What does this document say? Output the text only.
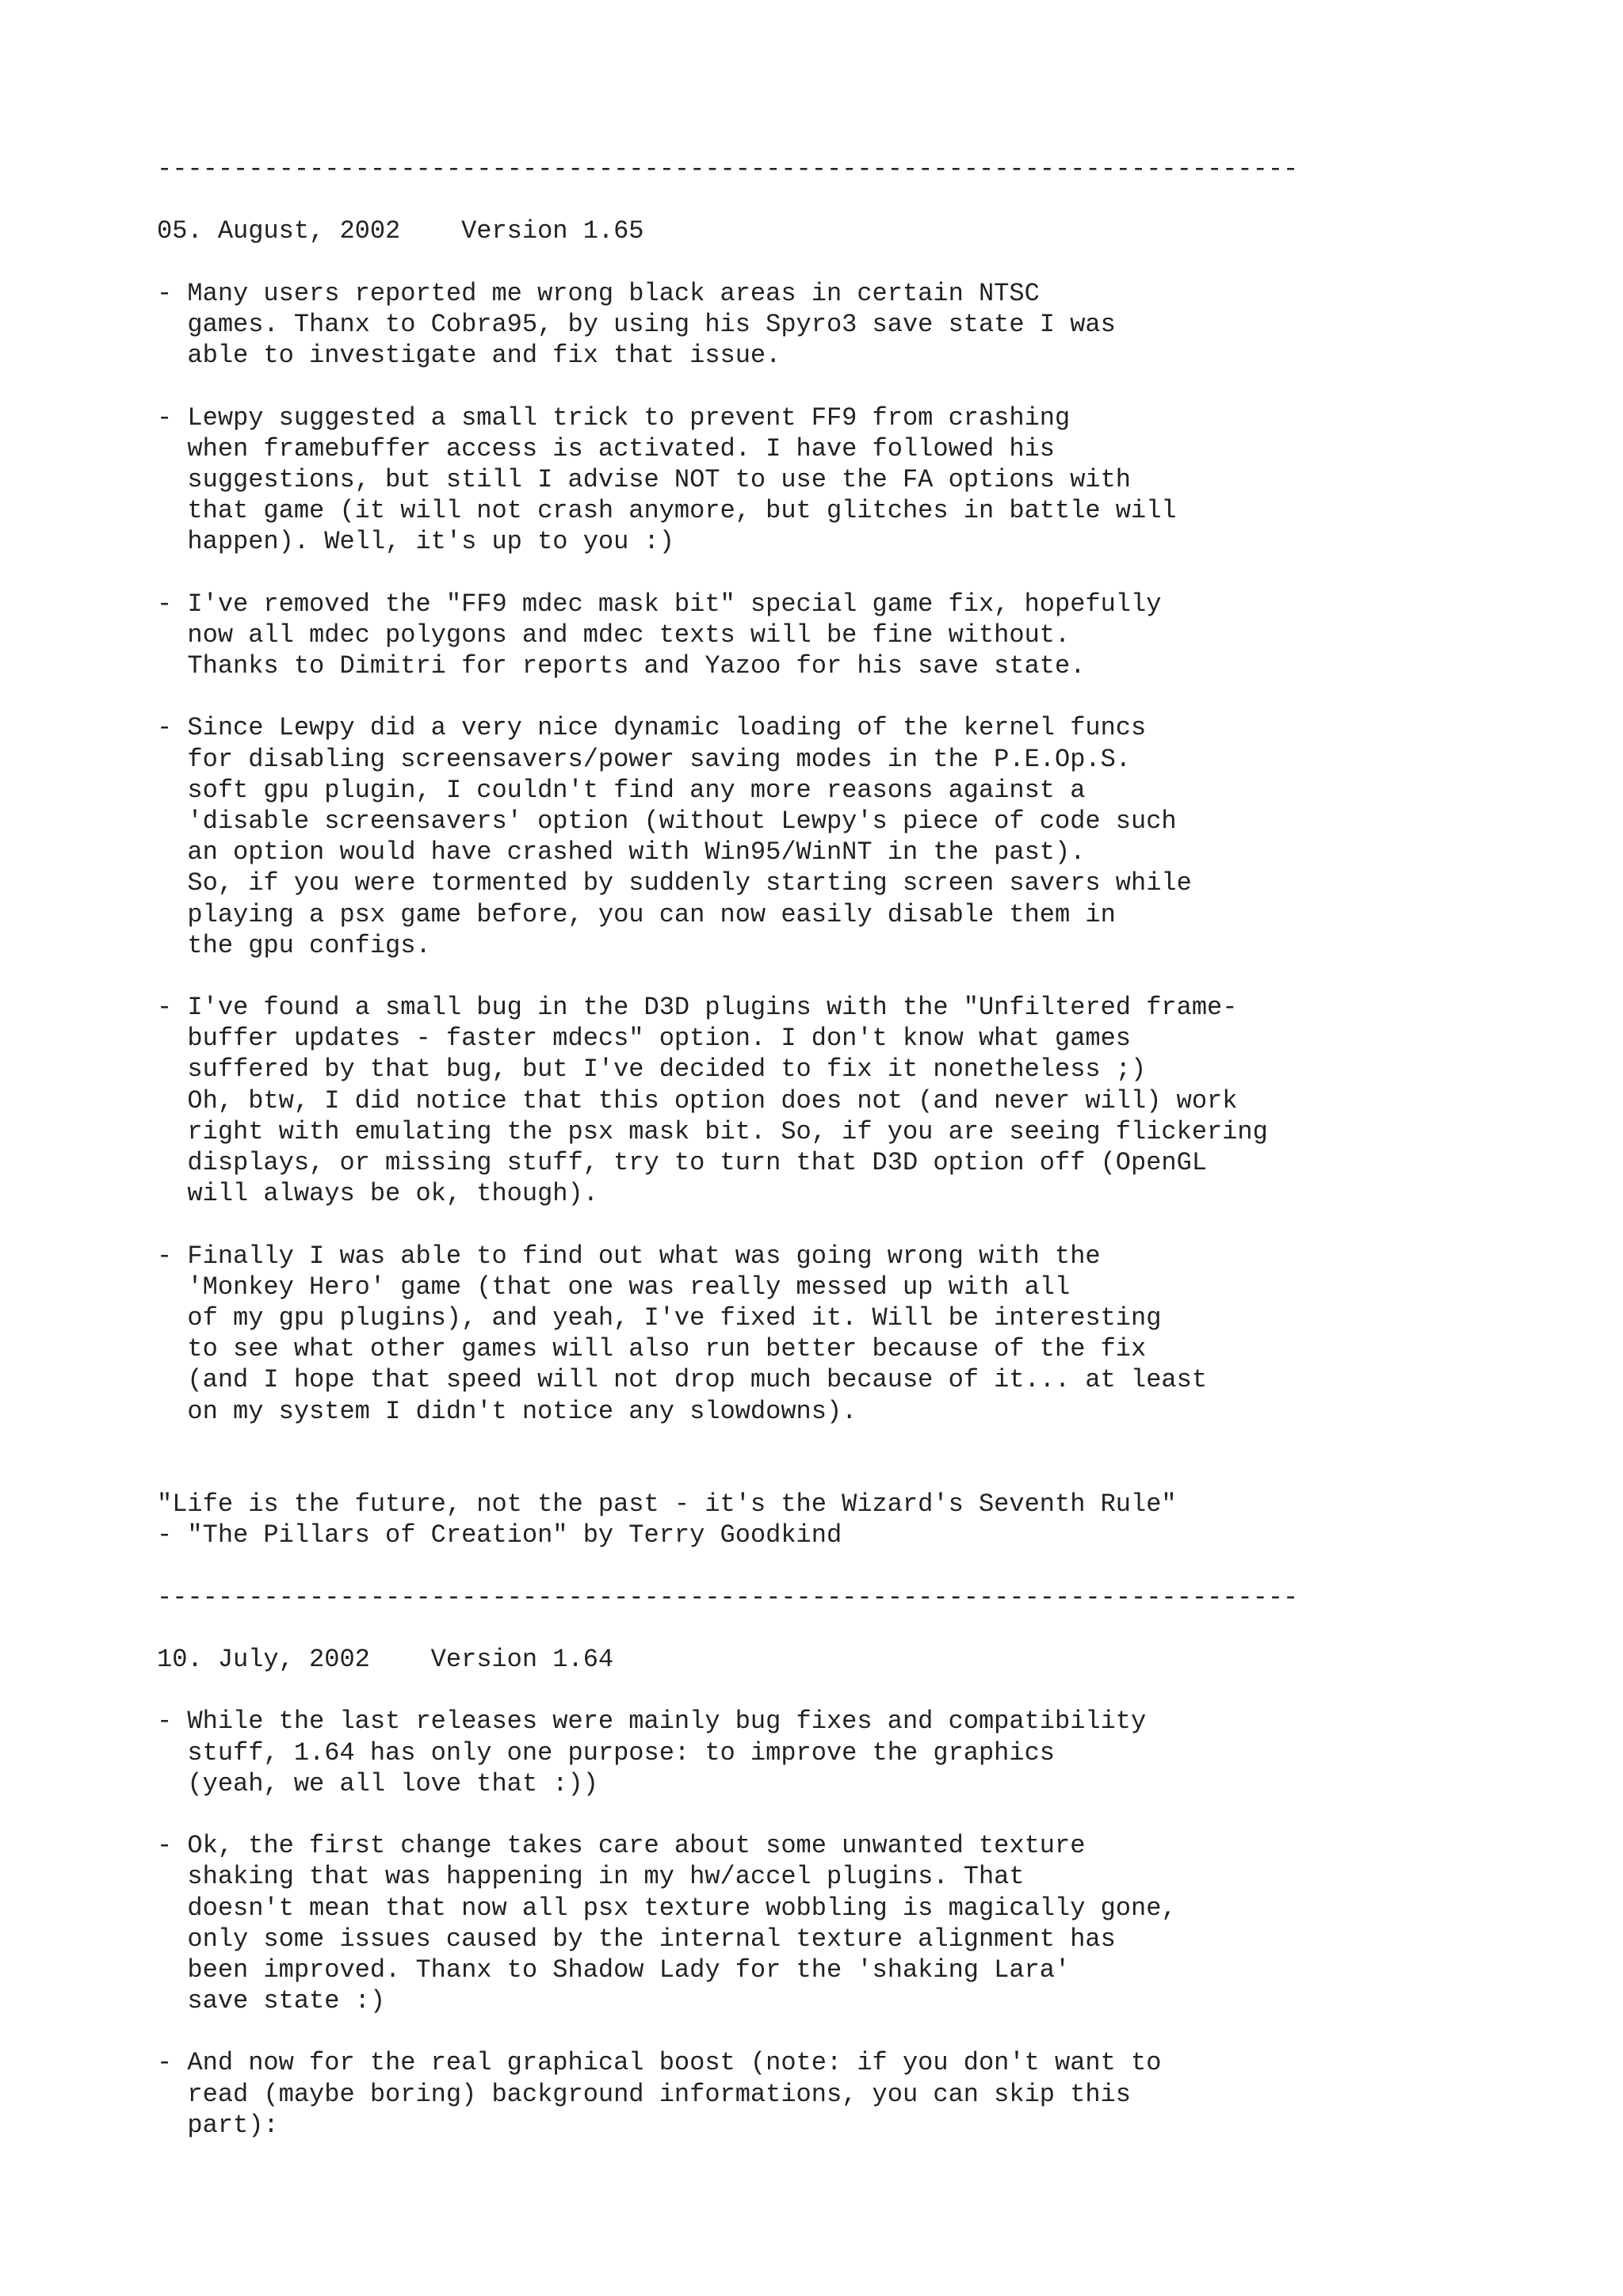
---------------------------------------------------------------------------
05. August, 2002    Version 1.65
- Many users reported me wrong black areas in certain NTSC
games. Thanx to Cobra95, by using his Spyro3 save state I was
able to investigate and fix that issue.
- Lewpy suggested a small trick to prevent FF9 from crashing
when framebuffer access is activated. I have followed his
suggestions, but still I advise NOT to use the FA options with
that game (it will not crash anymore, but glitches in battle will
happen). Well, it's up to you :)
- I've removed the "FF9 mdec mask bit" special game fix, hopefully
now all mdec polygons and mdec texts will be fine without.
Thanks to Dimitri for reports and Yazoo for his save state.
- Since Lewpy did a very nice dynamic loading of the kernel funcs
for disabling screensavers/power saving modes in the P.E.Op.S.
soft gpu plugin, I couldn't find any more reasons against a
'disable screensavers' option (without Lewpy's piece of code such
an option would have crashed with Win95/WinNT in the past).
So, if you were tormented by suddenly starting screen savers while
playing a psx game before, you can now easily disable them in
the gpu configs.
- I've found a small bug in the D3D plugins with the "Unfiltered frame-
buffer updates - faster mdecs" option. I don't know what games
suffered by that bug, but I've decided to fix it nonetheless ;)
Oh, btw, I did notice that this option does not (and never will) work
right with emulating the psx mask bit. So, if you are seeing flickering
displays, or missing stuff, try to turn that D3D option off (OpenGL
will always be ok, though).
- Finally I was able to find out what was going wrong with the
'Monkey Hero' game (that one was really messed up with all
of my gpu plugins), and yeah, I've fixed it. Will be interesting
to see what other games will also run better because of the fix
(and I hope that speed will not drop much because of it... at least
on my system I didn't notice any slowdowns).
"Life is the future, not the past - it's the Wizard's Seventh Rule"
- "The Pillars of Creation" by Terry Goodkind
---------------------------------------------------------------------------
10. July, 2002    Version 1.64
- While the last releases were mainly bug fixes and compatibility
stuff, 1.64 has only one purpose: to improve the graphics
(yeah, we all love that :))
- Ok, the first change takes care about some unwanted texture
shaking that was happening in my hw/accel plugins. That
doesn't mean that now all psx texture wobbling is magically gone,
only some issues caused by the internal texture alignment has
been improved. Thanx to Shadow Lady for the 'shaking Lara'
save state :)
- And now for the real graphical boost (note: if you don't want to
read (maybe boring) background informations, you can skip this
part):
